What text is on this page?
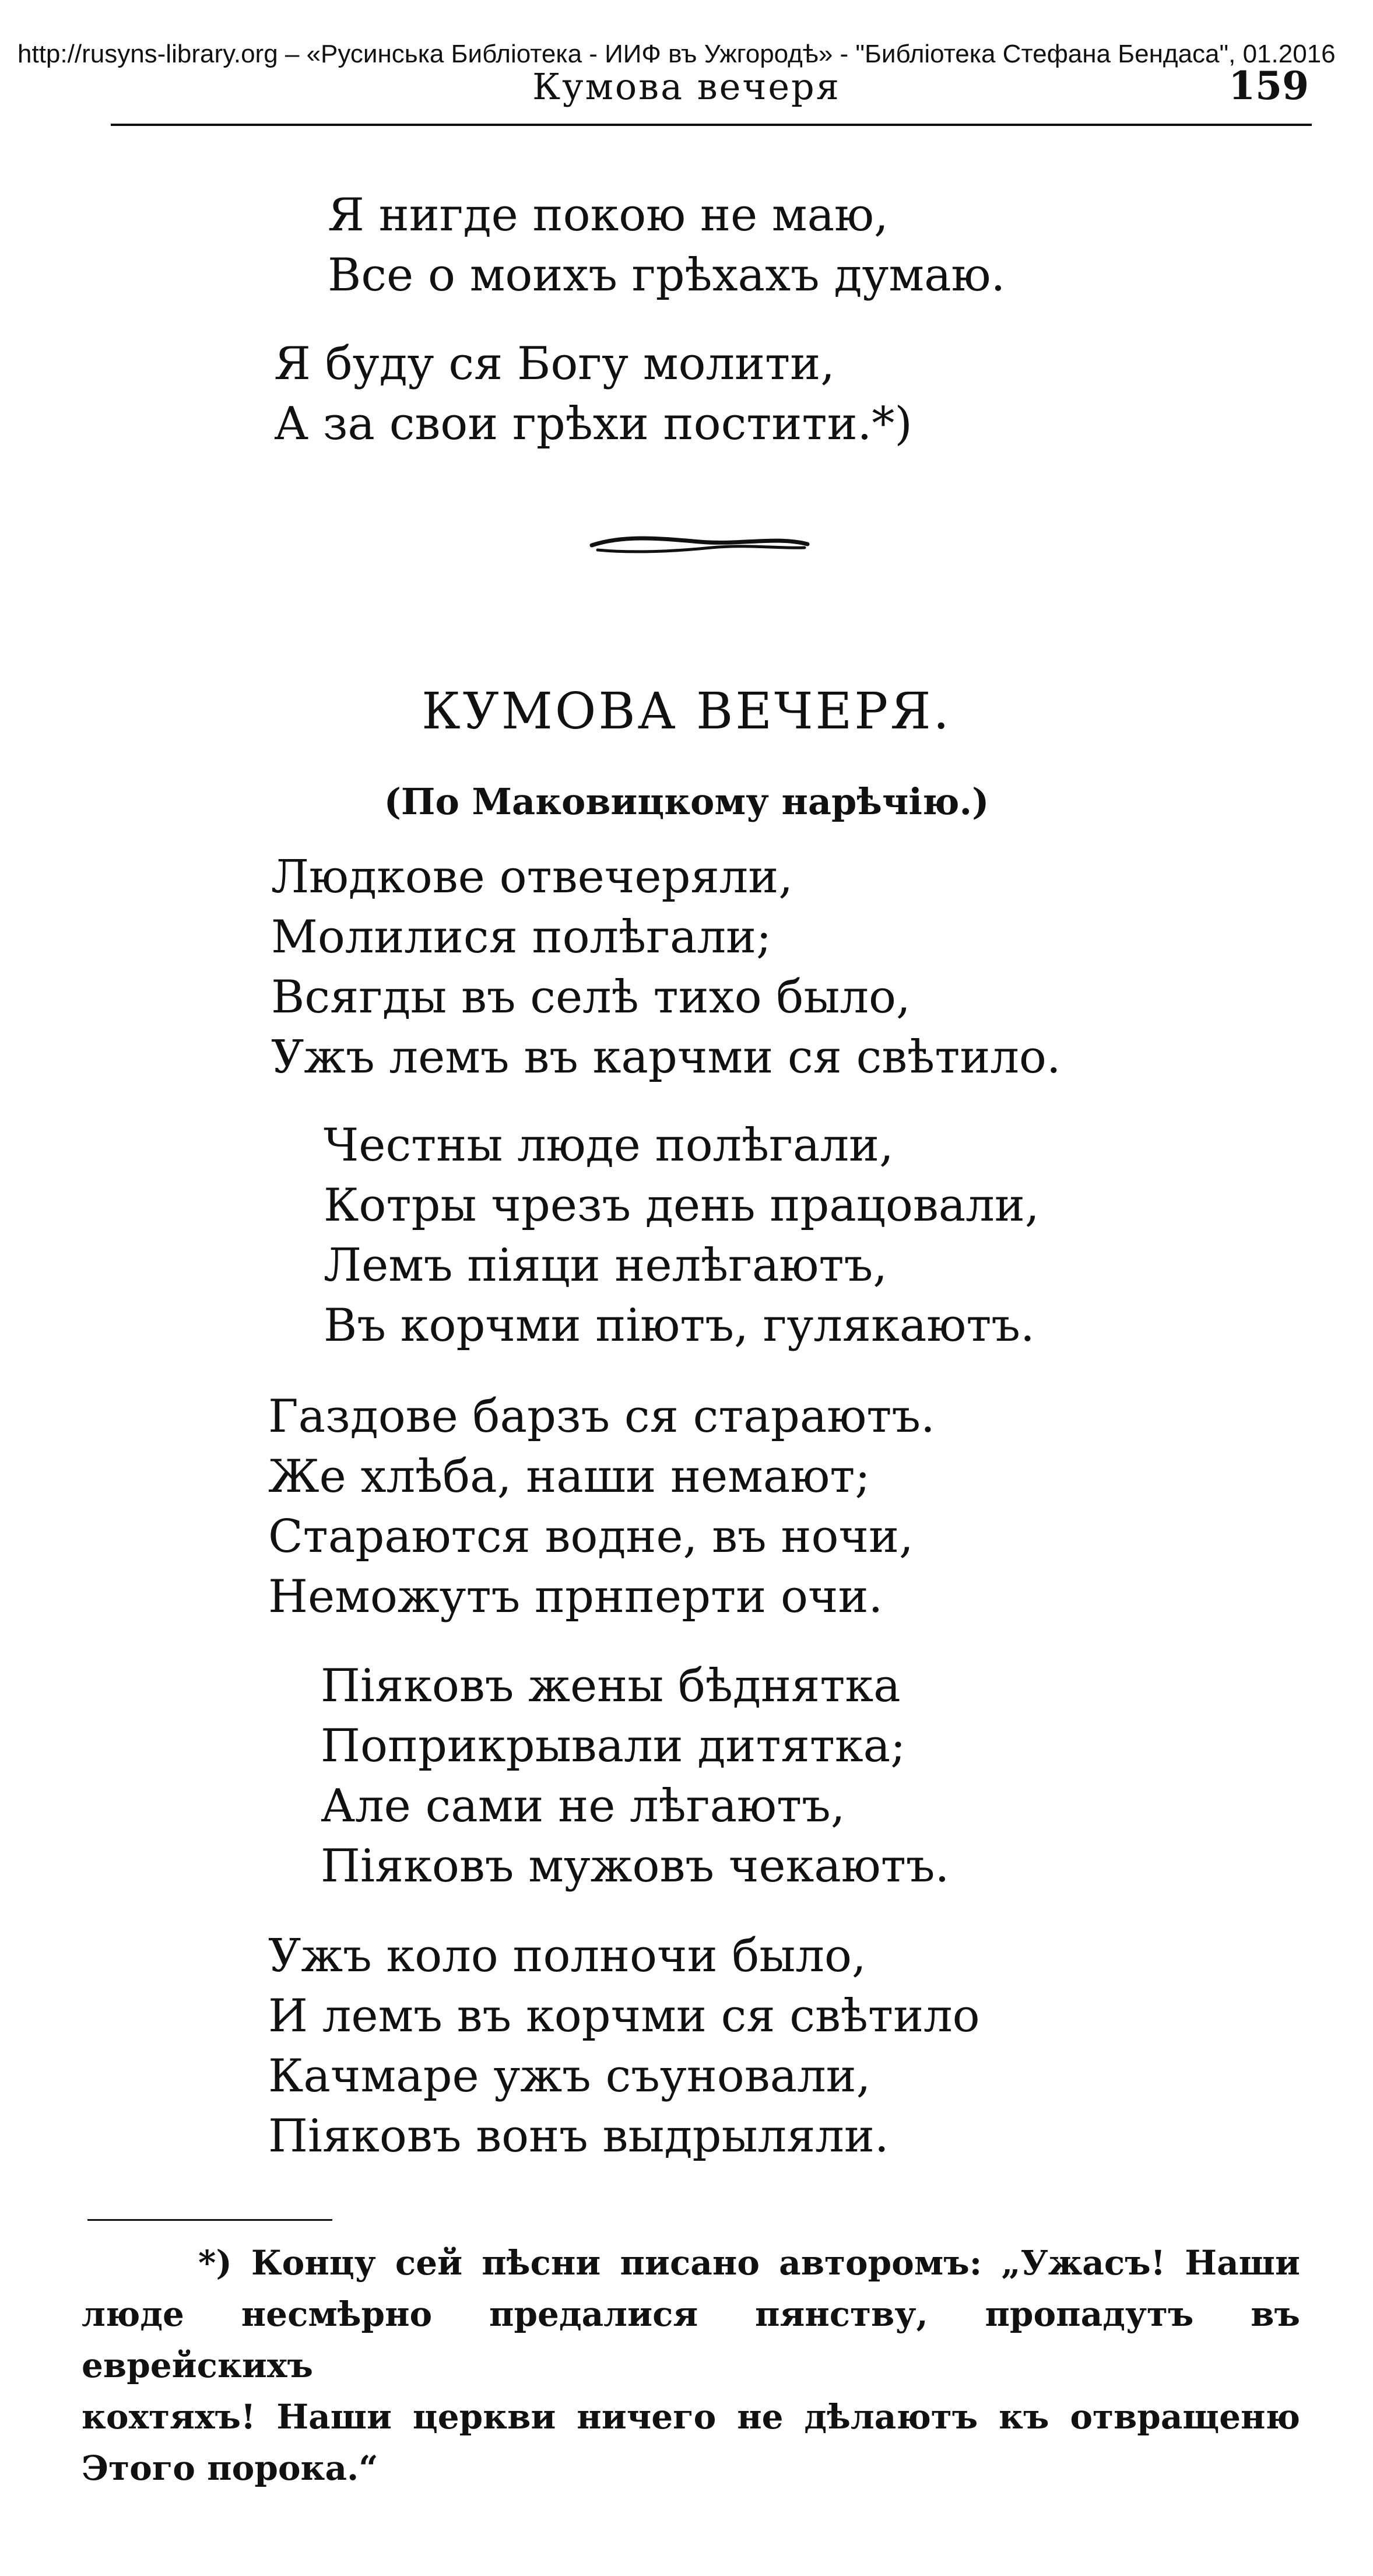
http://rusyns-library.org – «Русинська Библiотека - ИИФ въ Ужгородѣ» - "Библiотека Стефана Бендаса", 01.2016
Кумова вечеря	159
Я нигде покою не маю,
Все о моихъ грѣхахъ думаю.
Я буду ся Богу молити,
А за свои грѣхи постити.*)
КУМОВА ВЕЧЕРЯ.
(По Маковицкому нарѣчiю.)
Людкове отвечеряли,
Молилися полѣгали;
Всягды въ селѣ тихо было,
Ужъ лемъ въ карчми ся свѣтило.
Честны люде полѣгали,
Котры чрезъ день працовали,
Лемъ пiяци нелѣгаютъ,
Въ корчми пiютъ, гулякаютъ.
Газдове барзъ ся стараютъ.
Же хлѣба, наши немают;
Стараются водне, въ ночи,
Неможутъ прнперти очи.
Пiяковъ жены бѣднятка
Поприкрывали дитятка;
Але сами не лѣгаютъ,
Пiяковъ мужовъ чекаютъ.
Ужъ коло полночи было,
И лемъ въ корчми ся свѣтило
Качмаре ужъ съуновали,
Пiяковъ вонъ выдрыляли.
*) Концу сей пѣсни писано авторомъ: „Ужасъ! Наши
люде несмѣрно предалися пянству, пропадутъ въ еврейскихъ
кохтяхъ! Наши церкви ничего не дѣлаютъ къ отвращеню
Этого порока.“
